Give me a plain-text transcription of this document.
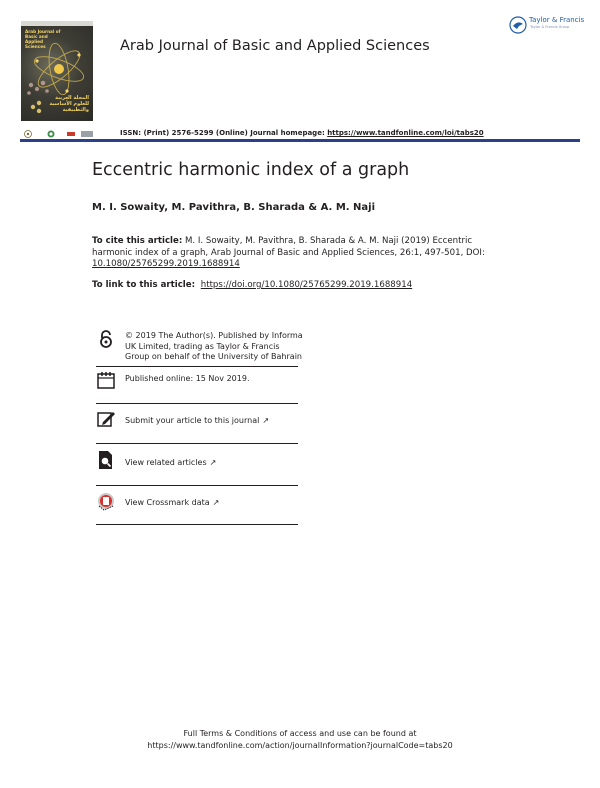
Arab Journal of Basic and Applied Sciences
المجلة العربية للعلوم الأساسية والتطبيقية
Arab Journal of Basic and Applied Sciences
Taylor & Francis
Taylor & Francis Group
ISSN: (Print) 2576-5299 (Online) Journal homepage: https://www.tandfonline.com/loi/tabs20
Eccentric harmonic index of a graph
M. I. Sowaity, M. Pavithra, B. Sharada & A. M. Naji
To cite this article: M. I. Sowaity, M. Pavithra, B. Sharada & A. M. Naji (2019) Eccentric harmonic index of a graph, Arab Journal of Basic and Applied Sciences, 26:1, 497-501, DOI: 10.1080/25765299.2019.1688914
To link to this article: https://doi.org/10.1080/25765299.2019.1688914
© 2019 The Author(s). Published by Informa
UK Limited, trading as Taylor & Francis
Group on behalf of the University of Bahrain
Published online: 15 Nov 2019.
Submit your article to this journal ↗
View related articles ↗
View Crossmark data ↗
Full Terms & Conditions of access and use can be found at
https://www.tandfonline.com/action/journalInformation?journalCode=tabs20
